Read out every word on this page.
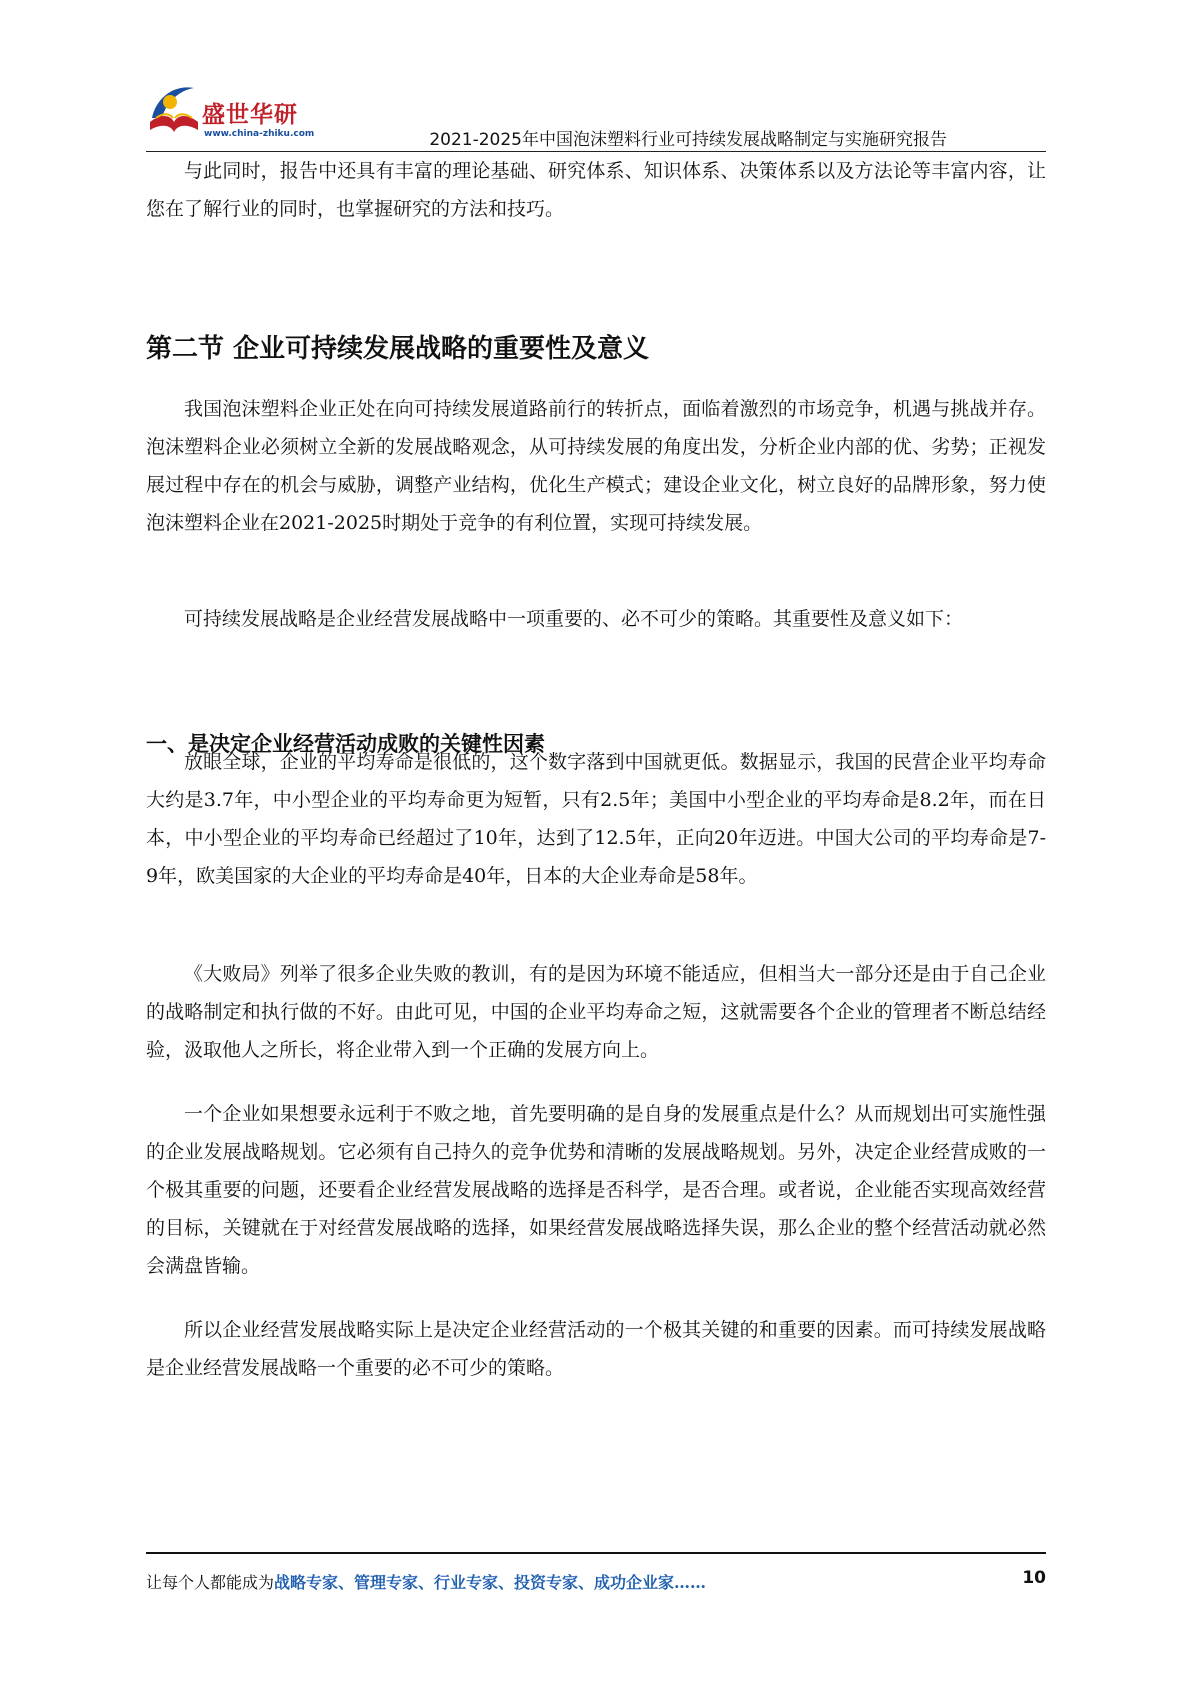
盛世华研
www.china-zhiku.com	2021-2025年中国泡沫塑料行业可持续发展战略制定与实施研究报告

与此同时，报告中还具有丰富的理论基础、研究体系、知识体系、决策体系以及方法论等丰富内容，让您在了解行业的同时，也掌握研究的方法和技巧。

第二节 企业可持续发展战略的重要性及意义

我国泡沫塑料企业正处在向可持续发展道路前行的转折点，面临着激烈的市场竞争，机遇与挑战并存。泡沫塑料企业必须树立全新的发展战略观念，从可持续发展的角度出发，分析企业内部的优、劣势；正视发展过程中存在的机会与威胁，调整产业结构，优化生产模式；建设企业文化，树立良好的品牌形象，努力使泡沫塑料企业在2021-2025时期处于竞争的有利位置，实现可持续发展。

可持续发展战略是企业经营发展战略中一项重要的、必不可少的策略。其重要性及意义如下：

一、是决定企业经营活动成败的关键性因素

放眼全球，企业的平均寿命是很低的，这个数字落到中国就更低。数据显示，我国的民营企业平均寿命大约是3.7年，中小型企业的平均寿命更为短暂，只有2.5年；美国中小型企业的平均寿命是8.2年，而在日本，中小型企业的平均寿命已经超过了10年，达到了12.5年，正向20年迈进。中国大公司的平均寿命是7-9年，欧美国家的大企业的平均寿命是40年，日本的大企业寿命是58年。

《大败局》列举了很多企业失败的教训，有的是因为环境不能适应，但相当大一部分还是由于自己企业的战略制定和执行做的不好。由此可见，中国的企业平均寿命之短，这就需要各个企业的管理者不断总结经验，汲取他人之所长，将企业带入到一个正确的发展方向上。

一个企业如果想要永远利于不败之地，首先要明确的是自身的发展重点是什么？从而规划出可实施性强的企业发展战略规划。它必须有自己持久的竞争优势和清晰的发展战略规划。另外，决定企业经营成败的一个极其重要的问题，还要看企业经营发展战略的选择是否科学，是否合理。或者说，企业能否实现高效经营的目标，关键就在于对经营发展战略的选择，如果经营发展战略选择失误，那么企业的整个经营活动就必然会满盘皆输。

所以企业经营发展战略实际上是决定企业经营活动的一个极其关键的和重要的因素。而可持续发展战略是企业经营发展战略一个重要的必不可少的策略。

让每个人都能成为战略专家、管理专家、行业专家、投资专家、成功企业家……	10
